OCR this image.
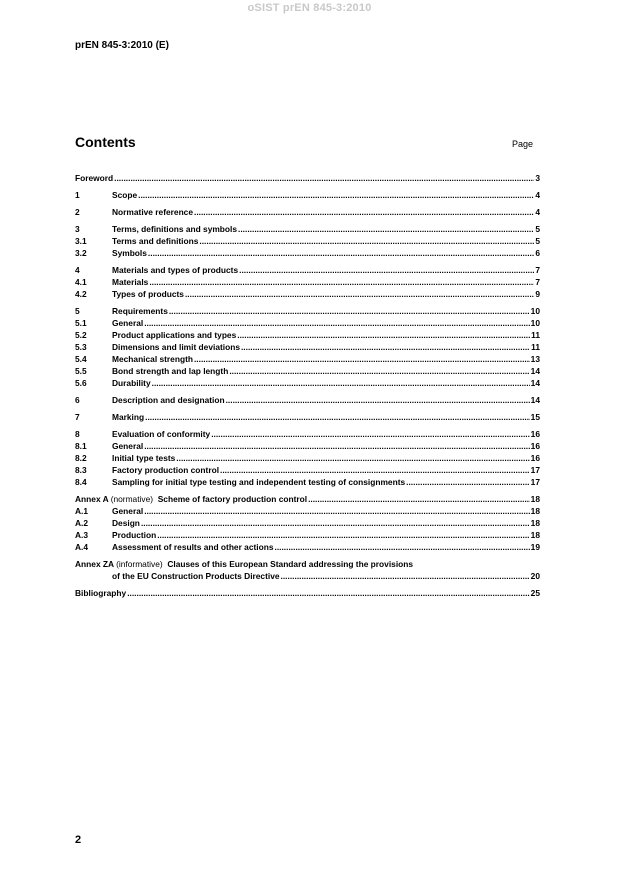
oSIST prEN 845-3:2010
prEN 845-3:2010 (E)
Contents	Page
Foreword .....	3
1	Scope .....	4
2	Normative reference .....	4
3	Terms, definitions and symbols .....	5
3.1	Terms and definitions .....	5
3.2	Symbols .....	6
4	Materials and types of products .....	7
4.1	Materials .....	7
4.2	Types of products .....	9
5	Requirements .....	10
5.1	General .....	10
5.2	Product applications and types .....	11
5.3	Dimensions and limit deviations .....	11
5.4	Mechanical strength .....	13
5.5	Bond strength and lap length .....	14
5.6	Durability .....	14
6	Description and designation .....	14
7	Marking .....	15
8	Evaluation of conformity .....	16
8.1	General .....	16
8.2	Initial type tests .....	16
8.3	Factory production control .....	17
8.4	Sampling for initial type testing and independent testing of consignments .....	17
Annex A (normative) Scheme of factory production control .....	18
A.1	General .....	18
A.2	Design .....	18
A.3	Production .....	18
A.4	Assessment of results and other actions .....	19
Annex ZA (informative) Clauses of this European Standard addressing the provisions
of the EU Construction Products Directive .....	20
Bibliography .....	25
2
